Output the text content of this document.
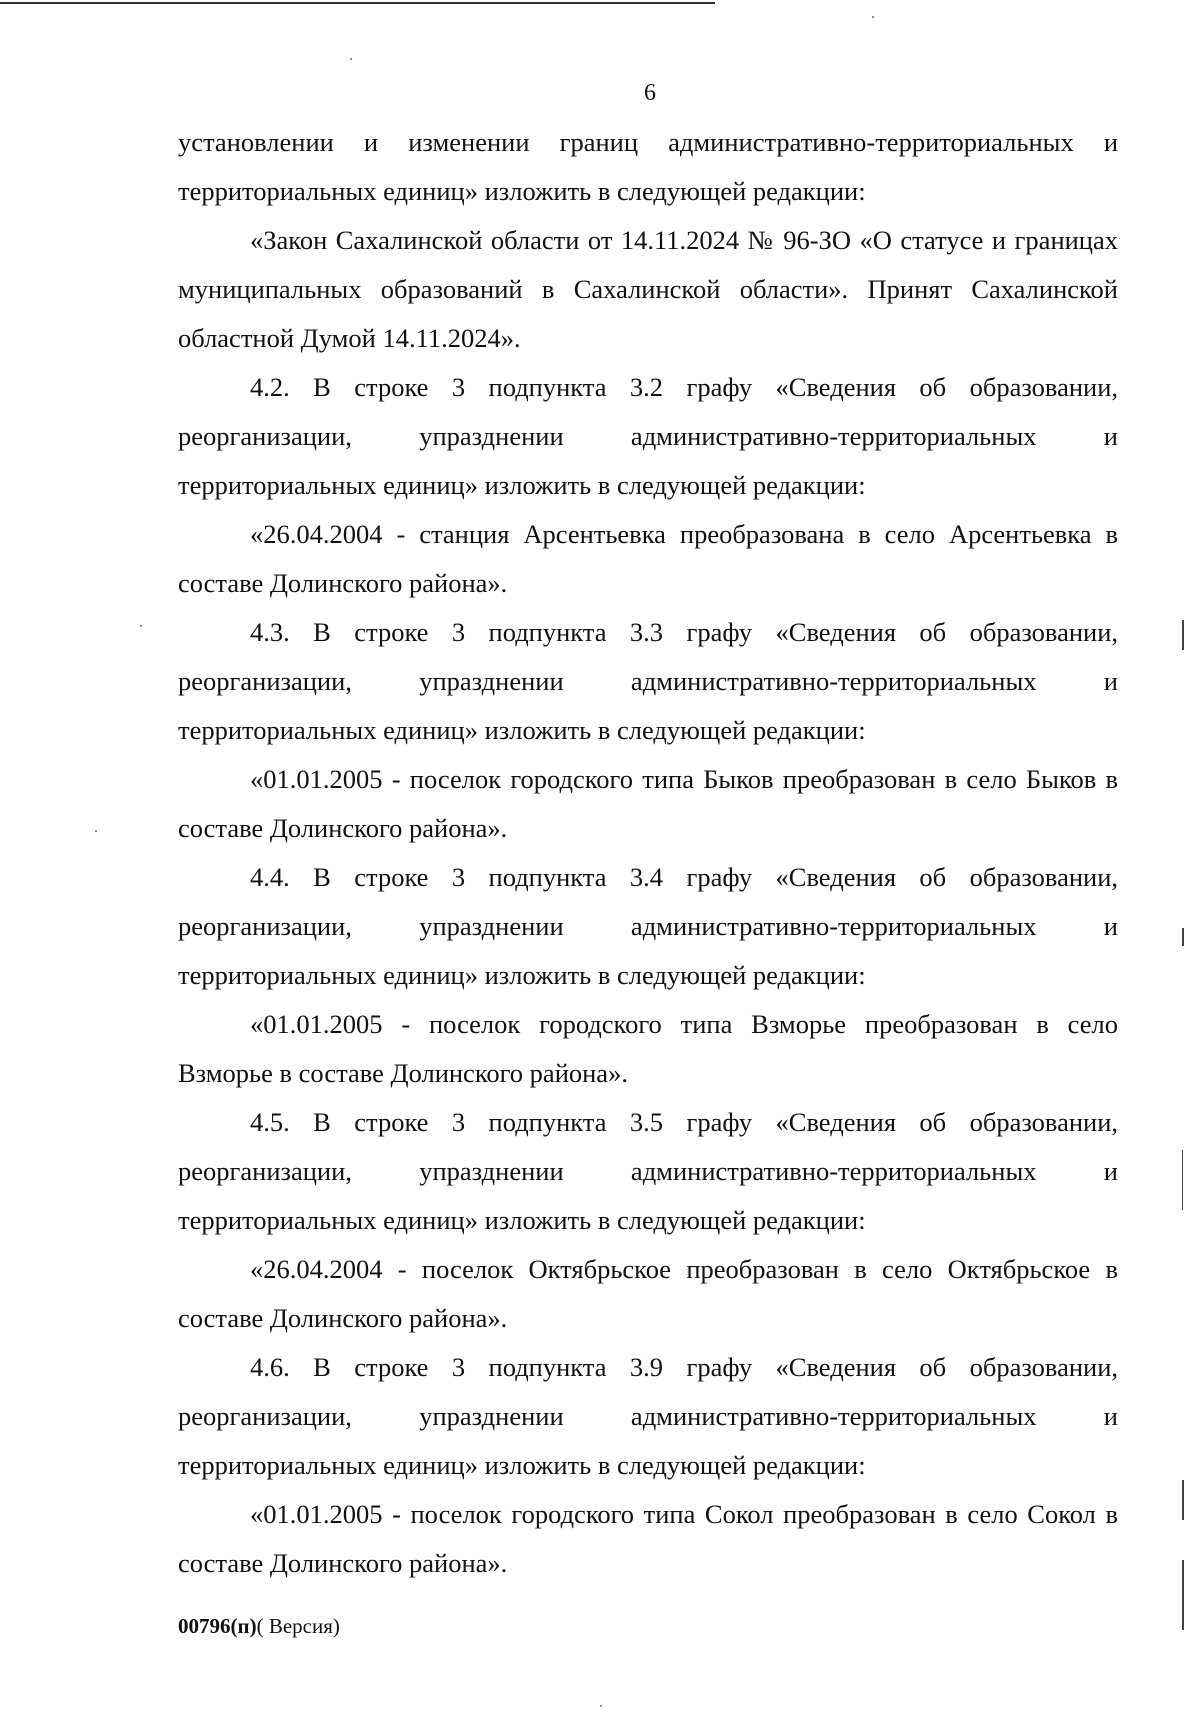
6

установлении и изменении границ административно-территориальных и

территориальных единиц» изложить в следующей редакции:

«Закон Сахалинской области от 14.11.2024 № 96-ЗО «О статусе и границах муниципальных образований в Сахалинской области». Принят Сахалинской областной Думой 14.11.2024».

4.2. В строке 3 подпункта 3.2 графу «Сведения об образовании, реорганизации, упразднении административно-территориальных и территориальных единиц» изложить в следующей редакции:

«26.04.2004 - станция Арсентьевка преобразована в село Арсентьевка в составе Долинского района».

4.3. В строке 3 подпункта 3.3 графу «Сведения об образовании, реорганизации, упразднении административно-территориальных и территориальных единиц» изложить в следующей редакции:

«01.01.2005 - поселок городского типа Быков преобразован в село Быков в составе Долинского района».

4.4. В строке 3 подпункта 3.4 графу «Сведения об образовании, реорганизации, упразднении административно-территориальных и территориальных единиц» изложить в следующей редакции:

«01.01.2005 - поселок городского типа Взморье преобразован в село Взморье в составе Долинского района».

4.5. В строке 3 подпункта 3.5 графу «Сведения об образовании, реорганизации, упразднении административно-территориальных и территориальных единиц» изложить в следующей редакции:

«26.04.2004 - поселок Октябрьское преобразован в село Октябрьское в составе Долинского района».

4.6. В строке 3 подпункта 3.9 графу «Сведения об образовании, реорганизации, упразднении административно-территориальных и территориальных единиц» изложить в следующей редакции:

«01.01.2005 - поселок городского типа Сокол преобразован в село Сокол в составе Долинского района».

00796(п)( Версия)
